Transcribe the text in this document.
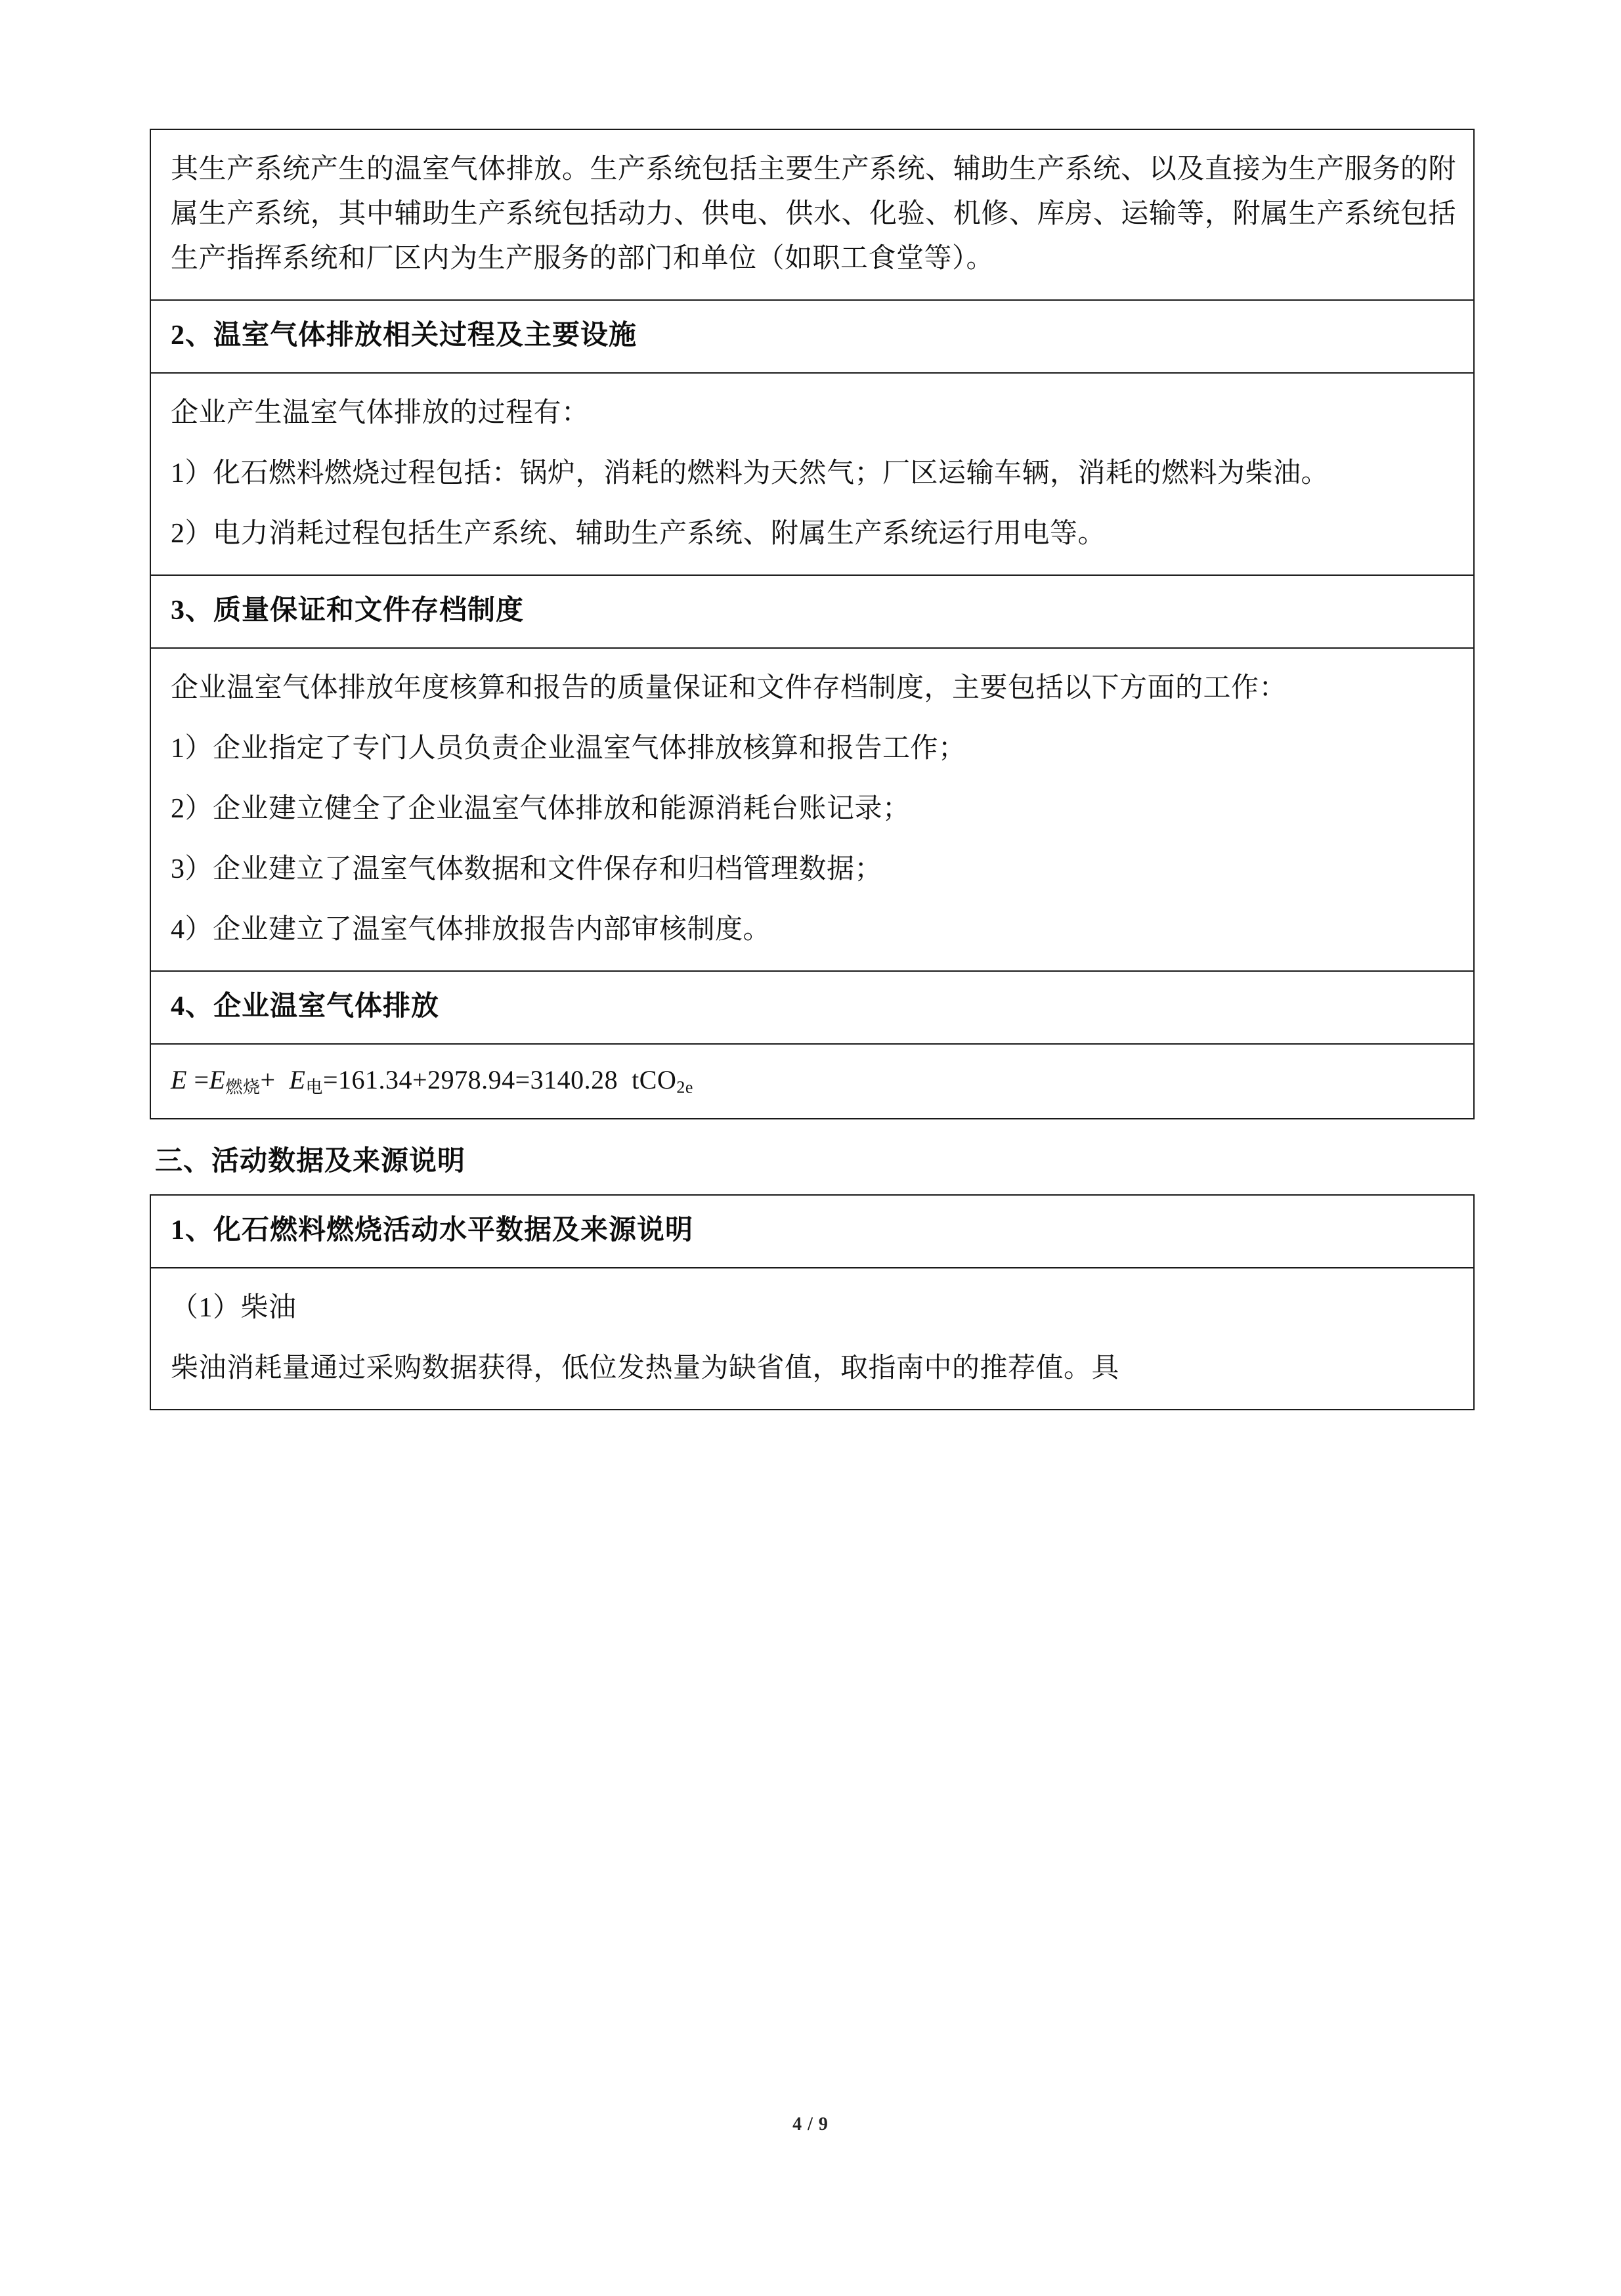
其生产系统产生的温室气体排放。生产系统包括主要生产系统、辅助生产系统、以及直接为生产服务的附属生产系统，其中辅助生产系统包括动力、供电、供水、化验、机修、库房、运输等，附属生产系统包括生产指挥系统和厂区内为生产服务的部门和单位（如职工食堂等）。

2、温室气体排放相关过程及主要设施

企业产生温室气体排放的过程有：

1）化石燃料燃烧过程包括：锅炉，消耗的燃料为天然气；厂区运输车辆，消耗的燃料为柴油。

2）电力消耗过程包括生产系统、辅助生产系统、附属生产系统运行用电等。

3、质量保证和文件存档制度

企业温室气体排放年度核算和报告的质量保证和文件存档制度，主要包括以下方面的工作：

1）企业指定了专门人员负责企业温室气体排放核算和报告工作；

2）企业建立健全了企业温室气体排放和能源消耗台账记录；

3）企业建立了温室气体数据和文件保存和归档管理数据；

4）企业建立了温室气体排放报告内部审核制度。

4、企业温室气体排放

$E =E_{燃烧}+ E_电=161.34+2978.94=3140.28$ tCO$_{2e}$

三、活动数据及来源说明

1、化石燃料燃烧活动水平数据及来源说明

（1）柴油

柴油消耗量通过采购数据获得，低位发热量为缺省值，取指南中的推荐值。具

4 / 9
